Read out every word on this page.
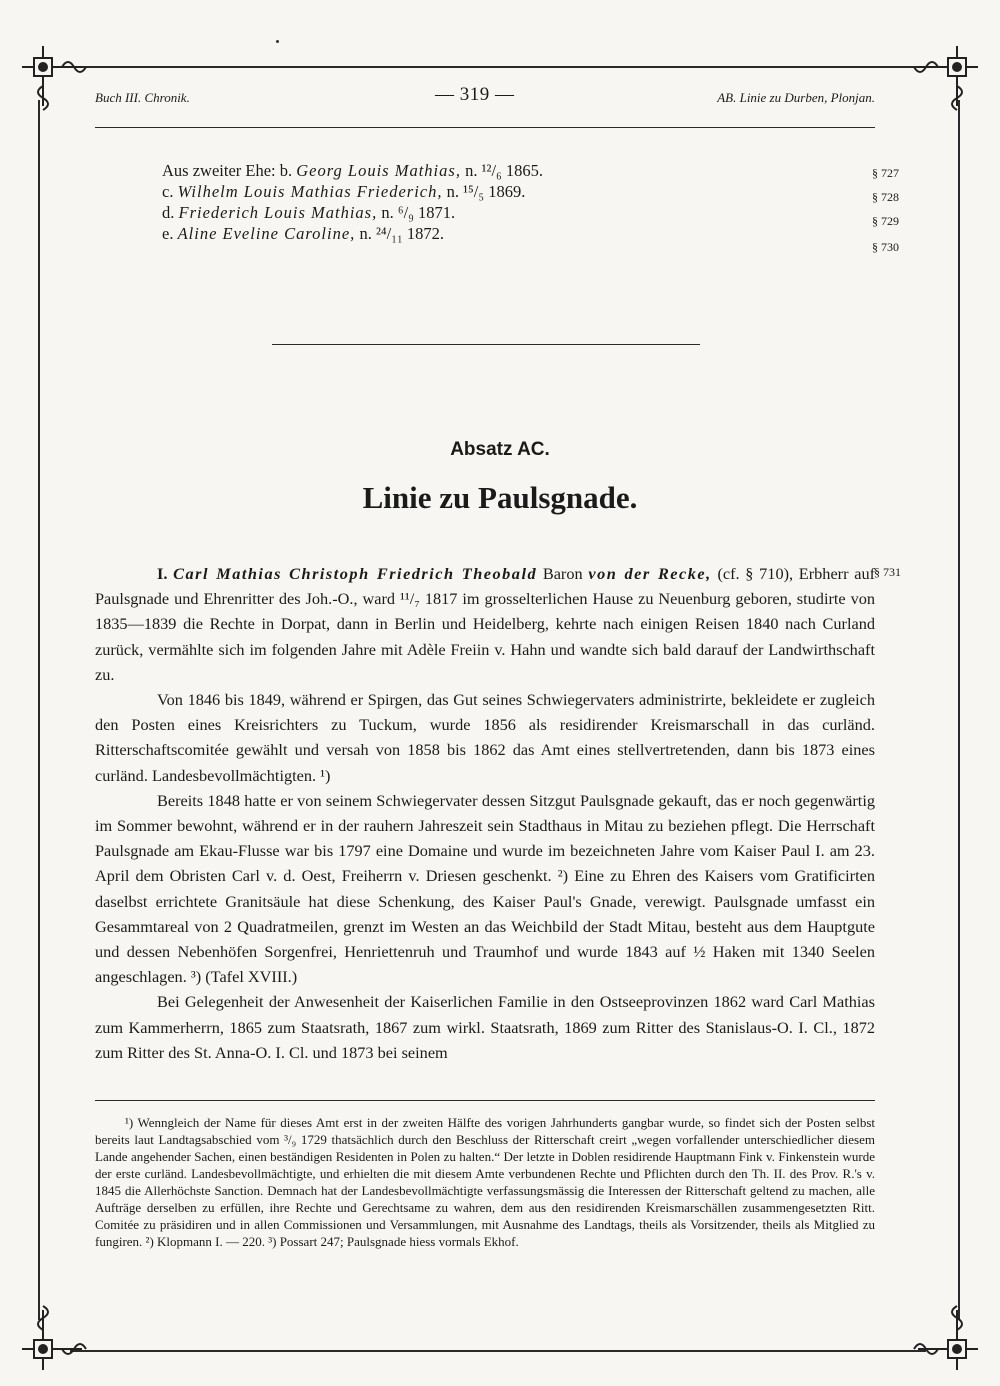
Buch III. Chronik.	— 319 —	AB. Linie zu Durben, Plonjan.
Aus zweiter Ehe: b. Georg Louis Mathias, n. ¹²/₆ 1865.
c. Wilhelm Louis Mathias Friederich, n. ¹⁵/₅ 1869.
d. Friederich Louis Mathias, n. ⁶/₉ 1871.
e. Aline Eveline Caroline, n. ²⁴/₁₁ 1872.
§ 727
§ 728
§ 729
§ 730
Absatz AC.
Linie zu Paulsgnade.
§ 731

I. Carl Mathias Christoph Friedrich Theobald Baron von der Recke, (cf. § 710), Erbherr auf Paulsgnade und Ehrenritter des Joh.-O., ward ¹¹/₇ 1817 im grosselterlichen Hause zu Neuenburg geboren, studirte von 1835—1839 die Rechte in Dorpat, dann in Berlin und Heidelberg, kehrte nach einigen Reisen 1840 nach Curland zurück, vermählte sich im folgenden Jahre mit Adèle Freiin v. Hahn und wandte sich bald darauf der Landwirthschaft zu.

Von 1846 bis 1849, während er Spirgen, das Gut seines Schwiegervaters administrirte, bekleidete er zugleich den Posten eines Kreisrichters zu Tuckum, wurde 1856 als residirender Kreismarschall in das curländ. Ritterschaftscomitée gewählt und versah von 1858 bis 1862 das Amt eines stellvertretenden, dann bis 1873 eines curländ. Landesbevollmächtigten. ¹)

Bereits 1848 hatte er von seinem Schwiegervater dessen Sitzgut Paulsgnade gekauft, das er noch gegenwärtig im Sommer bewohnt, während er in der rauhern Jahreszeit sein Stadthaus in Mitau zu beziehen pflegt. Die Herrschaft Paulsgnade am Ekau-Flusse war bis 1797 eine Domaine und wurde im bezeichneten Jahre vom Kaiser Paul I. am 23. April dem Obristen Carl v. d. Oest, Freiherrn v. Driesen geschenkt. ²) Eine zu Ehren des Kaisers vom Gratificirten daselbst errichtete Granitsäule hat diese Schenkung, des Kaiser Paul's Gnade, verewigt. Paulsgnade umfasst ein Gesammtareal von 2 Quadratmeilen, grenzt im Westen an das Weichbild der Stadt Mitau, besteht aus dem Hauptgute und dessen Nebenhöfen Sorgenfrei, Henriettenruh und Traumhof und wurde 1843 auf ½ Haken mit 1340 Seelen angeschlagen. ³) (Tafel XVIII.)

Bei Gelegenheit der Anwesenheit der Kaiserlichen Familie in den Ostseeprovinzen 1862 ward Carl Mathias zum Kammerherrn, 1865 zum Staatsrath, 1867 zum wirkl. Staatsrath, 1869 zum Ritter des Stanislaus-O. I. Cl., 1872 zum Ritter des St. Anna-O. I. Cl. und 1873 bei seinem

¹) Wenngleich der Name für dieses Amt erst in der zweiten Hälfte des vorigen Jahrhunderts gangbar wurde, so findet sich der Posten selbst bereits laut Landtagsabschied vom ³/₉ 1729 thatsächlich durch den Beschluss der Ritterschaft creirt „wegen vorfallender unterschiedlicher diesem Lande angehender Sachen, einen beständigen Residenten in Polen zu halten.“ Der letzte in Doblen residirende Hauptmann Fink v. Finkenstein wurde der erste curländ. Landesbevollmächtigte, und erhielten die mit diesem Amte verbundenen Rechte und Pflichten durch den Th. II. des Prov. R.'s v. 1845 die Allerhöchste Sanction. Demnach hat der Landesbevollmächtigte verfassungsmässig die Interessen der Ritterschaft geltend zu machen, alle Aufträge derselben zu erfüllen, ihre Rechte und Gerechtsame zu wahren, dem aus den residirenden Kreismarschällen zusammengesetzten Ritt. Comitée zu präsidiren und in allen Commissionen und Versammlungen, mit Ausnahme des Landtags, theils als Vorsitzender, theils als Mitglied zu fungiren. ²) Klopmann I. — 220. ³) Possart 247; Paulsgnade hiess vormals Ekhof.
